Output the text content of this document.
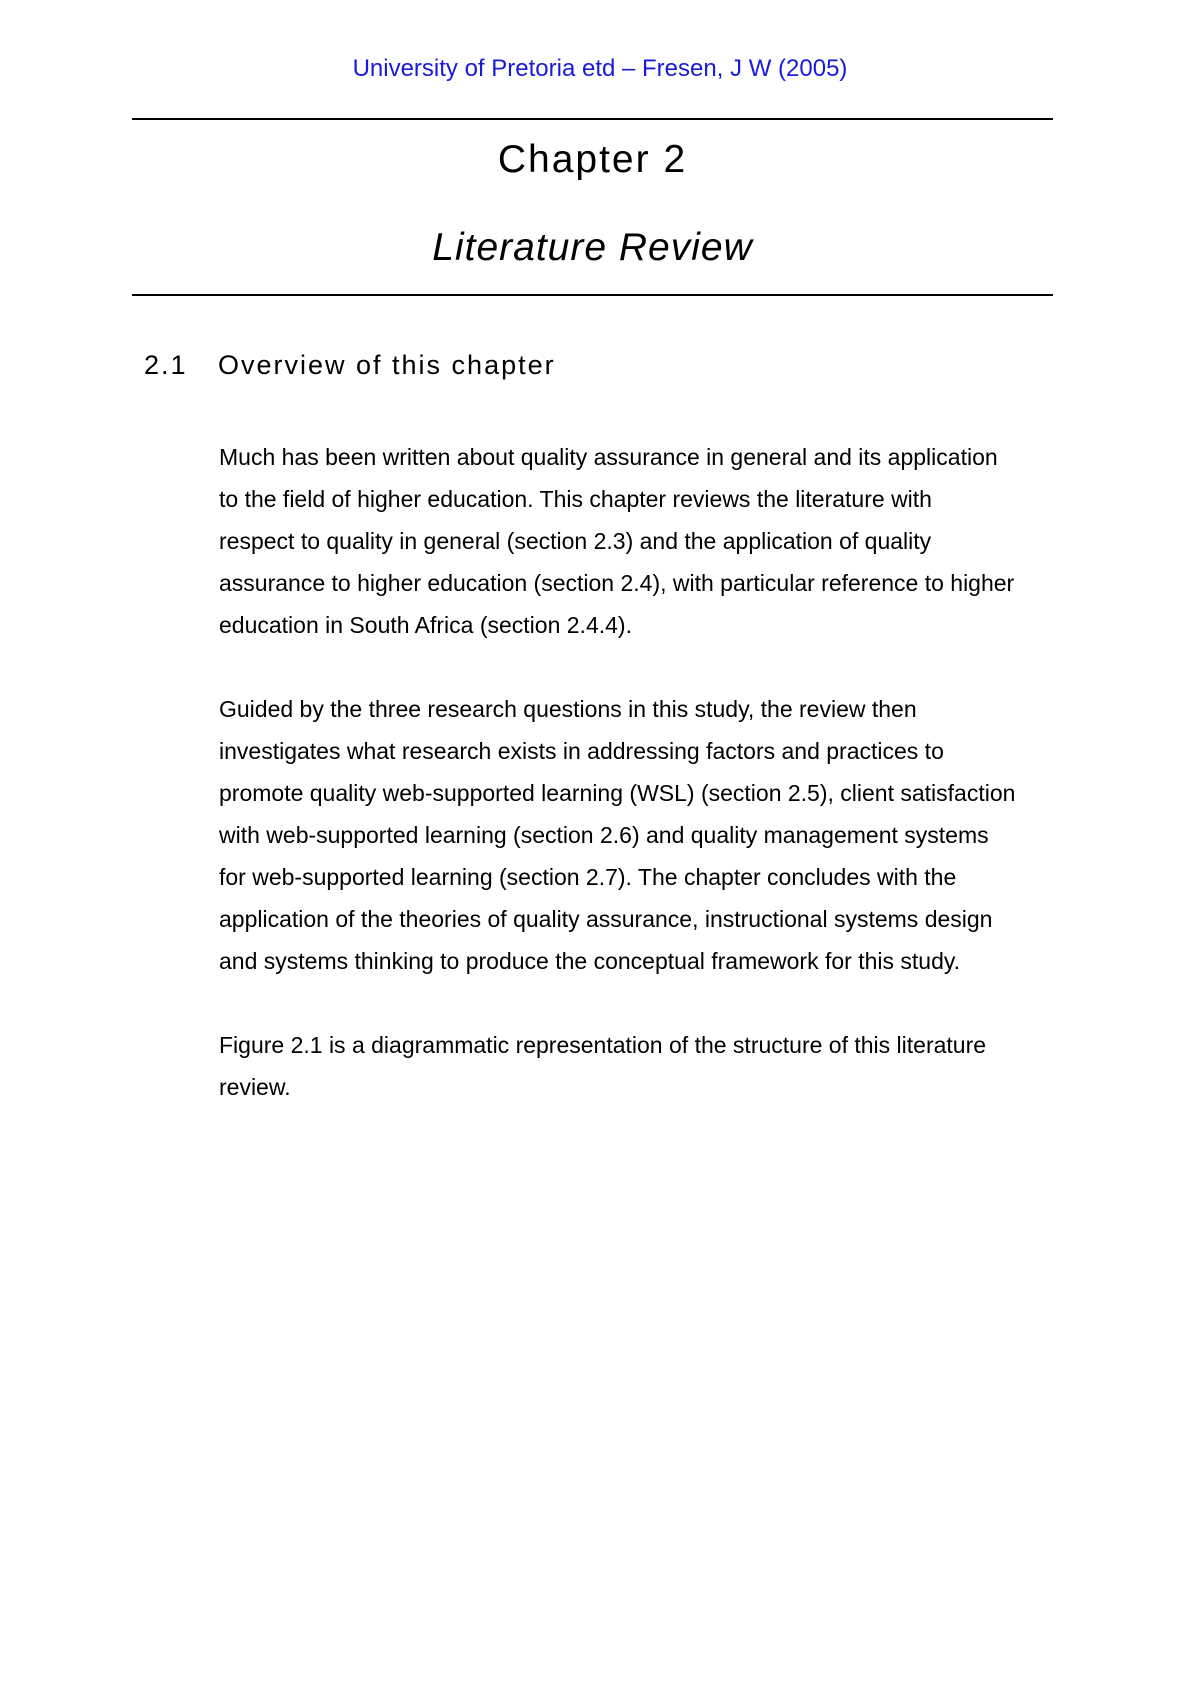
University of Pretoria etd – Fresen, J W (2005)
Chapter 2
Literature Review
2.1 Overview of this chapter
Much has been written about quality assurance in general and its application
to the field of higher education. This chapter reviews the literature with
respect to quality in general (section 2.3) and the application of quality
assurance to higher education (section 2.4), with particular reference to higher
education in South Africa (section 2.4.4).
Guided by the three research questions in this study, the review then
investigates what research exists in addressing factors and practices to
promote quality web-supported learning (WSL) (section 2.5), client satisfaction
with web-supported learning (section 2.6) and quality management systems
for web-supported learning (section 2.7). The chapter concludes with the
application of the theories of quality assurance, instructional systems design
and systems thinking to produce the conceptual framework for this study.
Figure 2.1 is a diagrammatic representation of the structure of this literature
review.
